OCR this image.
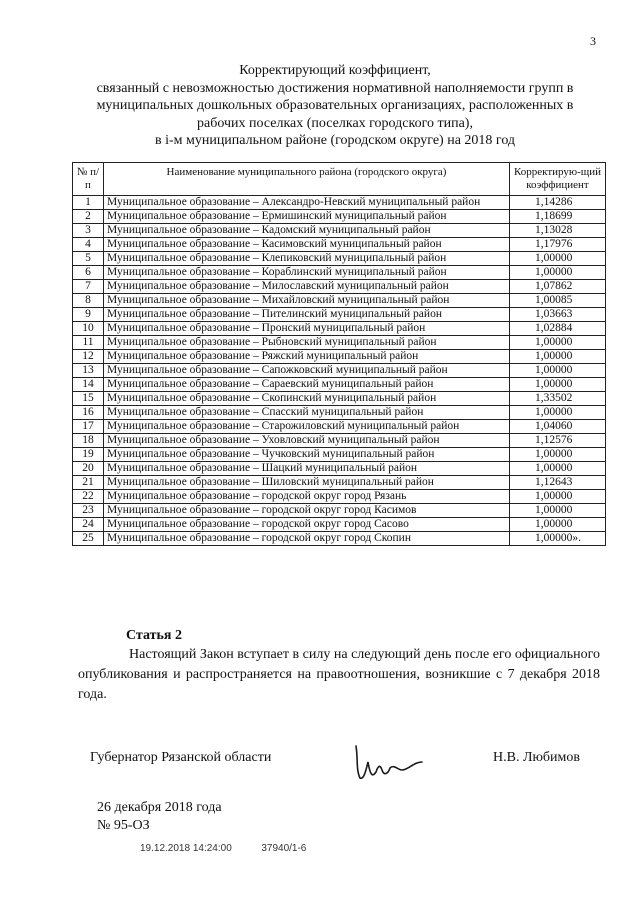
3
Корректирующий коэффициент,
связанный с невозможностью достижения нормативной наполняемости групп в
муниципальных дошкольных образовательных организациях, расположенных в
рабочих поселках (поселках городского типа),
в i-м муниципальном районе (городском округе) на 2018 год
№ п/п	Наименование муниципального района (городского округа)	Корректирую-щий коэффициент
1	Муниципальное образование – Александро-Невский муниципальный район	1,14286
2	Муниципальное образование – Ермишинский муниципальный район	1,18699
3	Муниципальное образование – Кадомский муниципальный район	1,13028
4	Муниципальное образование – Касимовский муниципальный район	1,17976
5	Муниципальное образование – Клепиковский муниципальный район	1,00000
6	Муниципальное образование – Кораблинский муниципальный район	1,00000
7	Муниципальное образование – Милославский муниципальный район	1,07862
8	Муниципальное образование – Михайловский муниципальный район	1,00085
9	Муниципальное образование – Пителинский муниципальный район	1,03663
10	Муниципальное образование – Пронский муниципальный район	1,02884
11	Муниципальное образование – Рыбновский муниципальный район	1,00000
12	Муниципальное образование – Ряжский муниципальный район	1,00000
13	Муниципальное образование – Сапожковский муниципальный район	1,00000
14	Муниципальное образование – Сараевский муниципальный район	1,00000
15	Муниципальное образование – Скопинский муниципальный район	1,33502
16	Муниципальное образование – Спасский муниципальный район	1,00000
17	Муниципальное образование – Старожиловский муниципальный район	1,04060
18	Муниципальное образование – Уховловский муниципальный район	1,12576
19	Муниципальное образование – Чучковский муниципальный район	1,00000
20	Муниципальное образование – Шацкий муниципальный район	1,00000
21	Муниципальное образование – Шиловский муниципальный район	1,12643
22	Муниципальное образование – городской округ город Рязань	1,00000
23	Муниципальное образование – городской округ город Касимов	1,00000
24	Муниципальное образование – городской округ город Сасово	1,00000
25	Муниципальное образование – городской округ город Скопин	1,00000».
Статья 2
Настоящий Закон вступает в силу на следующий день после его официального опубликования и распространяется на правоотношения, возникшие с 7 декабря 2018 года.
Губернатор Рязанской области	Н.В. Любимов
26 декабря 2018 года
№ 95-ОЗ
19.12.2018 14:24:00	37940/1-6
